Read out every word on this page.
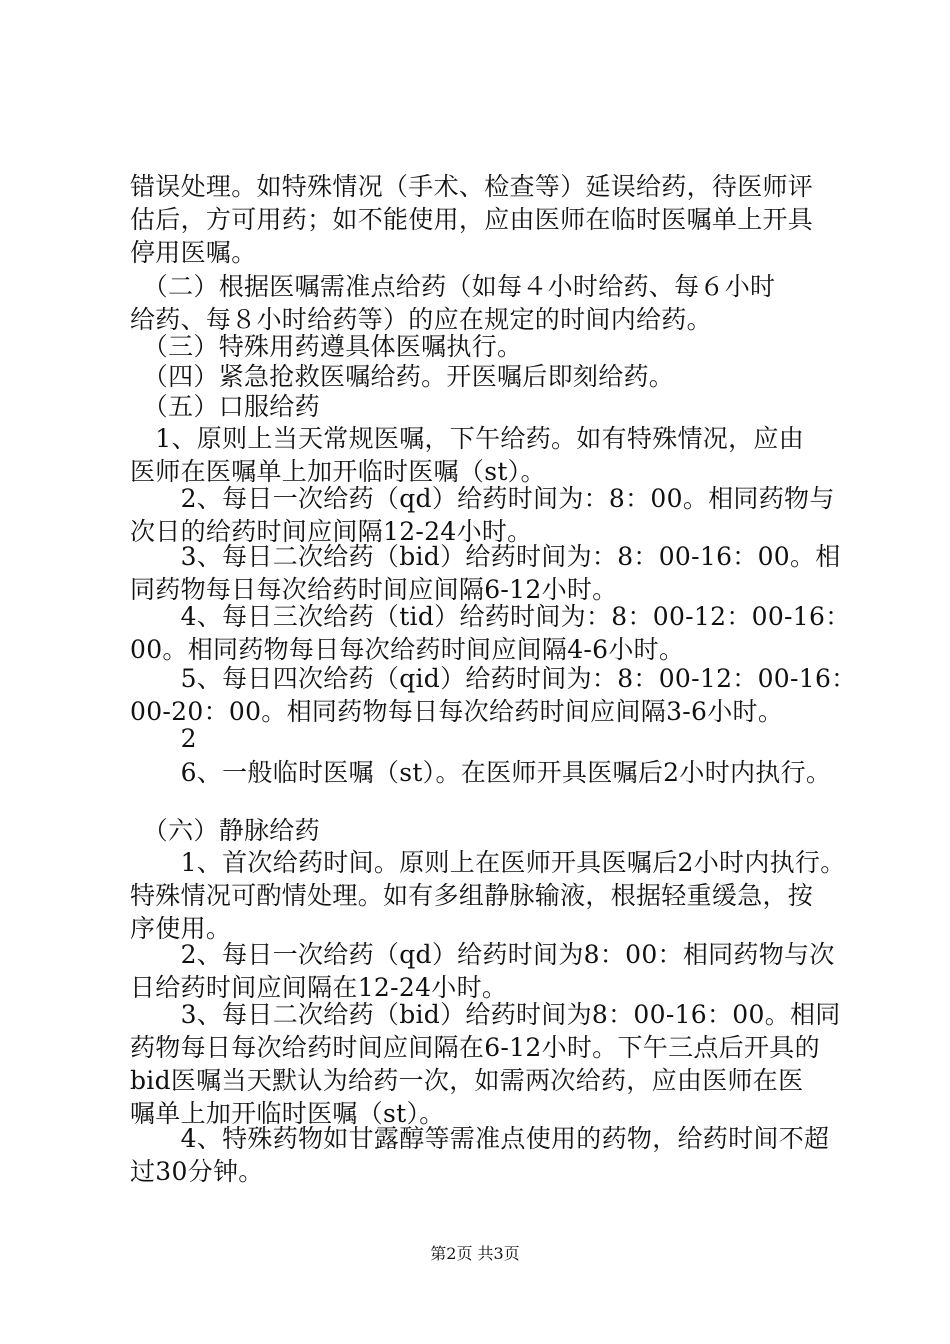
错误处理。如特殊情况（手术、检查等）延误给药，待医师评
估后，方可用药；如不能使用，应由医师在临时医嘱单上开具
停用医嘱。
　（二）根据医嘱需准点给药（如每４小时给药、每６小时
给药、每８小时给药等）的应在规定的时间内给药。
　（三）特殊用药遵具体医嘱执行。
　（四）紧急抢救医嘱给药。开医嘱后即刻给药。
　（五）口服给药
　1、原则上当天常规医嘱，下午给药。如有特殊情况，应由
医师在医嘱单上加开临时医嘱（st）。
　　2、每日一次给药（qd）给药时间为：8：00。相同药物与
次日的给药时间应间隔12-24小时。
　　3、每日二次给药（bid）给药时间为：8：00-16：00。相
同药物每日每次给药时间应间隔6-12小时。
　　4、每日三次给药（tid）给药时间为：8：00-12：00-16：
00。相同药物每日每次给药时间应间隔4-6小时。
　　5、每日四次给药（qid）给药时间为：8：00-12：00-16：
00-20：00。相同药物每日每次给药时间应间隔3-6小时。
　　2
　　6、一般临时医嘱（st）。在医师开具医嘱后2小时内执行。
　（六）静脉给药
　　1、首次给药时间。原则上在医师开具医嘱后2小时内执行。
特殊情况可酌情处理。如有多组静脉输液，根据轻重缓急，按
序使用。
　　2、每日一次给药（qd）给药时间为8：00：相同药物与次
日给药时间应间隔在12-24小时。
　　3、每日二次给药（bid）给药时间为8：00-16：00。相同
药物每日每次给药时间应间隔在6-12小时。下午三点后开具的
bid医嘱当天默认为给药一次，如需两次给药，应由医师在医
嘱单上加开临时医嘱（st）。
　　4、特殊药物如甘露醇等需准点使用的药物，给药时间不超
过30分钟。
第2页 共3页
